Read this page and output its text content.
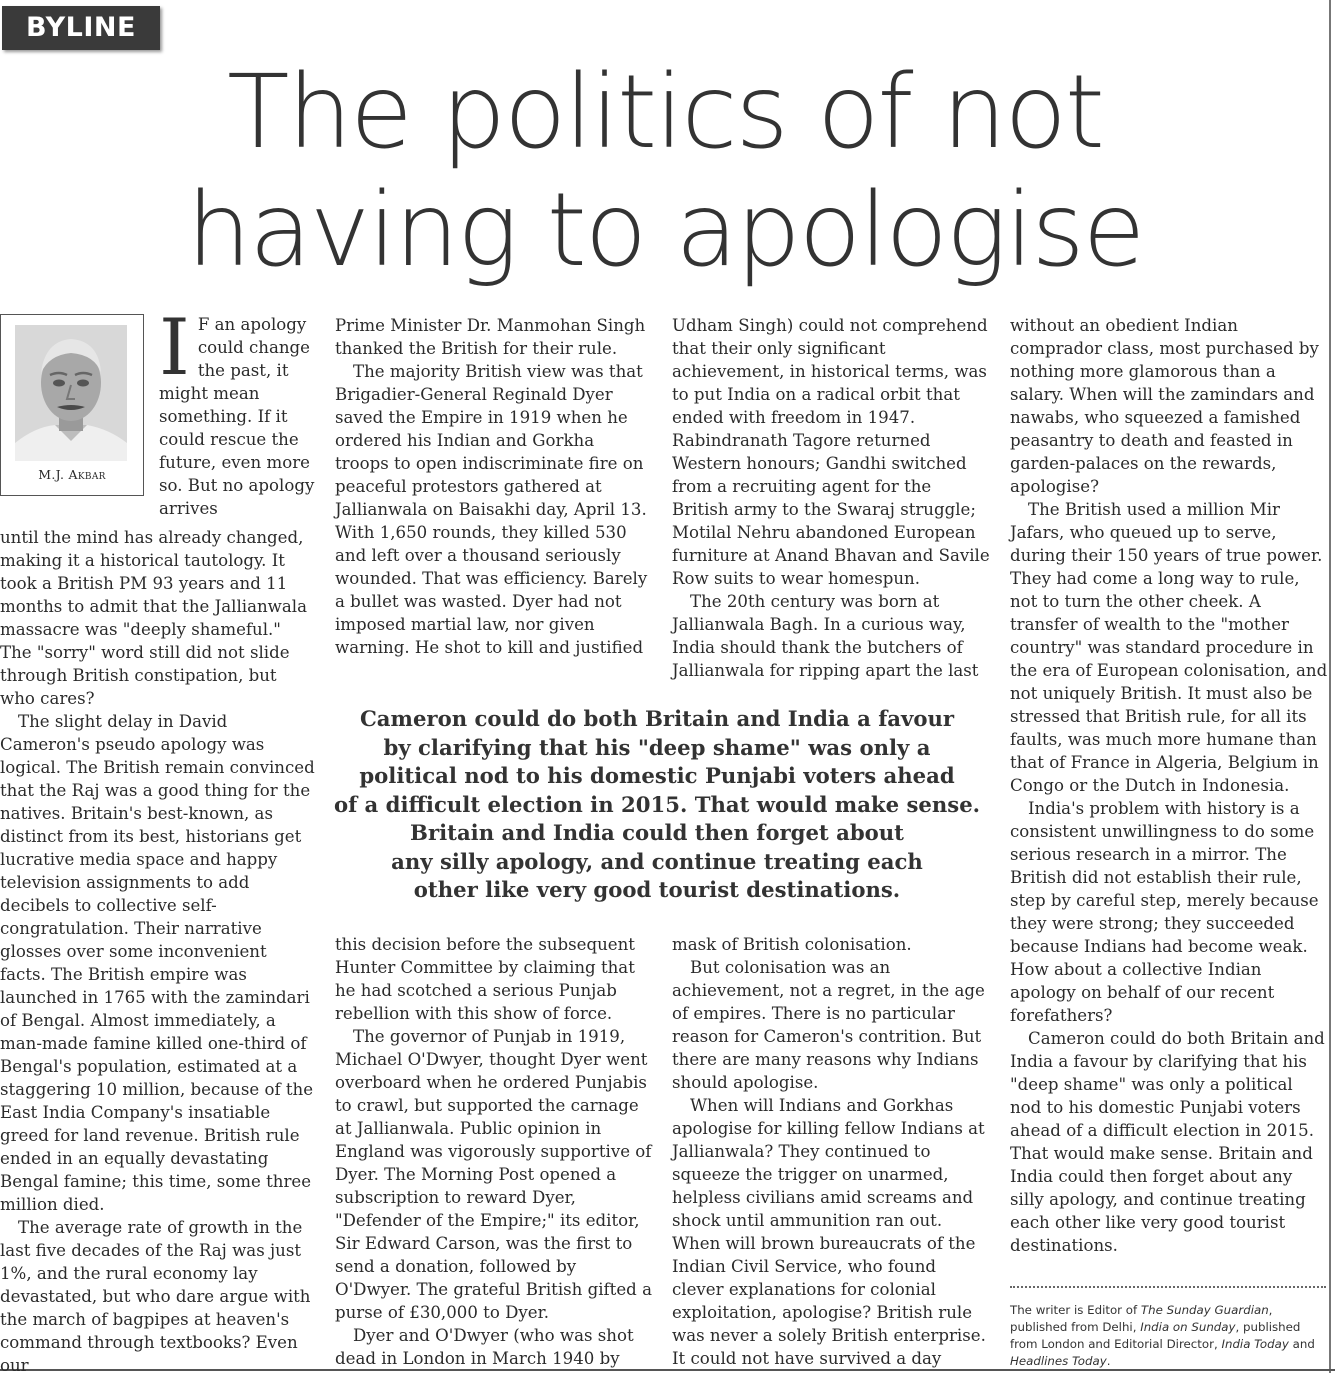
BYLINE
The politics of not
having to apologise
M.J. Akbar
I F an apology could change the past, it might mean something. If it could rescue the future, even more so. But no apology arrives

until the mind has already changed, making it a historical tautology. It took a British PM 93 years and 11 months to admit that the Jallianwala massacre was "deeply shameful." The "sorry" word still did not slide through British constipation, but who cares?

The slight delay in David Cameron's pseudo apology was logical. The British remain convinced that the Raj was a good thing for the natives. Britain's best-known, as distinct from its best, historians get lucrative media space and happy television assignments to add decibels to collective self-congratulation. Their narrative glosses over some inconvenient facts. The British empire was launched in 1765 with the zamindari of Bengal. Almost immediately, a man-made famine killed one-third of Bengal's population, estimated at a staggering 10 million, because of the East India Company's insatiable greed for land revenue. British rule ended in an equally devastating Bengal famine; this time, some three million died.

The average rate of growth in the last five decades of the Raj was just 1%, and the rural economy lay devastated, but who dare argue with the march of bagpipes at heaven's command through textbooks? Even our

Prime Minister Dr. Manmohan Singh thanked the British for their rule.

The majority British view was that Brigadier-General Reginald Dyer saved the Empire in 1919 when he ordered his Indian and Gorkha troops to open indiscriminate fire on peaceful protestors gathered at Jallianwala on Baisakhi day, April 13. With 1,650 rounds, they killed 530 and left over a thousand seriously wounded. That was efficiency. Barely a bullet was wasted. Dyer had not imposed martial law, nor given warning. He shot to kill and justified

Udham Singh) could not comprehend that their only significant achievement, in historical terms, was to put India on a radical orbit that ended with freedom in 1947. Rabindranath Tagore returned Western honours; Gandhi switched from a recruiting agent for the British army to the Swaraj struggle; Motilal Nehru abandoned European furniture at Anand Bhavan and Savile Row suits to wear homespun.

The 20th century was born at Jallianwala Bagh. In a curious way, India should thank the butchers of Jallianwala for ripping apart the last

Cameron could do both Britain and India a favour
by clarifying that his "deep shame" was only a
political nod to his domestic Punjabi voters ahead
of a difficult election in 2015. That would make sense.
Britain and India could then forget about
any silly apology, and continue treating each
other like very good tourist destinations.

this decision before the subsequent Hunter Committee by claiming that he had scotched a serious Punjab rebellion with this show of force.

The governor of Punjab in 1919, Michael O'Dwyer, thought Dyer went overboard when he ordered Punjabis to crawl, but supported the carnage at Jallianwala. Public opinion in England was vigorously supportive of Dyer. The Morning Post opened a subscription to reward Dyer, "Defender of the Empire;" its editor, Sir Edward Carson, was the first to send a donation, followed by O'Dwyer. The grateful British gifted a purse of £30,000 to Dyer.

Dyer and O'Dwyer (who was shot dead in London in March 1940 by

mask of British colonisation.

But colonisation was an achievement, not a regret, in the age of empires. There is no particular reason for Cameron's contrition. But there are many reasons why Indians should apologise.

When will Indians and Gorkhas apologise for killing fellow Indians at Jallianwala? They continued to squeeze the trigger on unarmed, helpless civilians amid screams and shock until ammunition ran out. When will brown bureaucrats of the Indian Civil Service, who found clever explanations for colonial exploitation, apologise? British rule was never a solely British enterprise. It could not have survived a day

without an obedient Indian comprador class, most purchased by nothing more glamorous than a salary. When will the zamindars and nawabs, who squeezed a famished peasantry to death and feasted in garden-palaces on the rewards, apologise?

The British used a million Mir Jafars, who queued up to serve, during their 150 years of true power. They had come a long way to rule, not to turn the other cheek. A transfer of wealth to the "mother country" was standard procedure in the era of European colonisation, and not uniquely British. It must also be stressed that British rule, for all its faults, was much more humane than that of France in Algeria, Belgium in Congo or the Dutch in Indonesia.

India's problem with history is a consistent unwillingness to do some serious research in a mirror. The British did not establish their rule, step by careful step, merely because they were strong; they succeeded because Indians had become weak. How about a collective Indian apology on behalf of our recent forefathers?

Cameron could do both Britain and India a favour by clarifying that his "deep shame" was only a political nod to his domestic Punjabi voters ahead of a difficult election in 2015. That would make sense. Britain and India could then forget about any silly apology, and continue treating each other like very good tourist destinations.

The writer is Editor of The Sunday Guardian, published from Delhi, India on Sunday, published from London and Editorial Director, India Today and Headlines Today.
